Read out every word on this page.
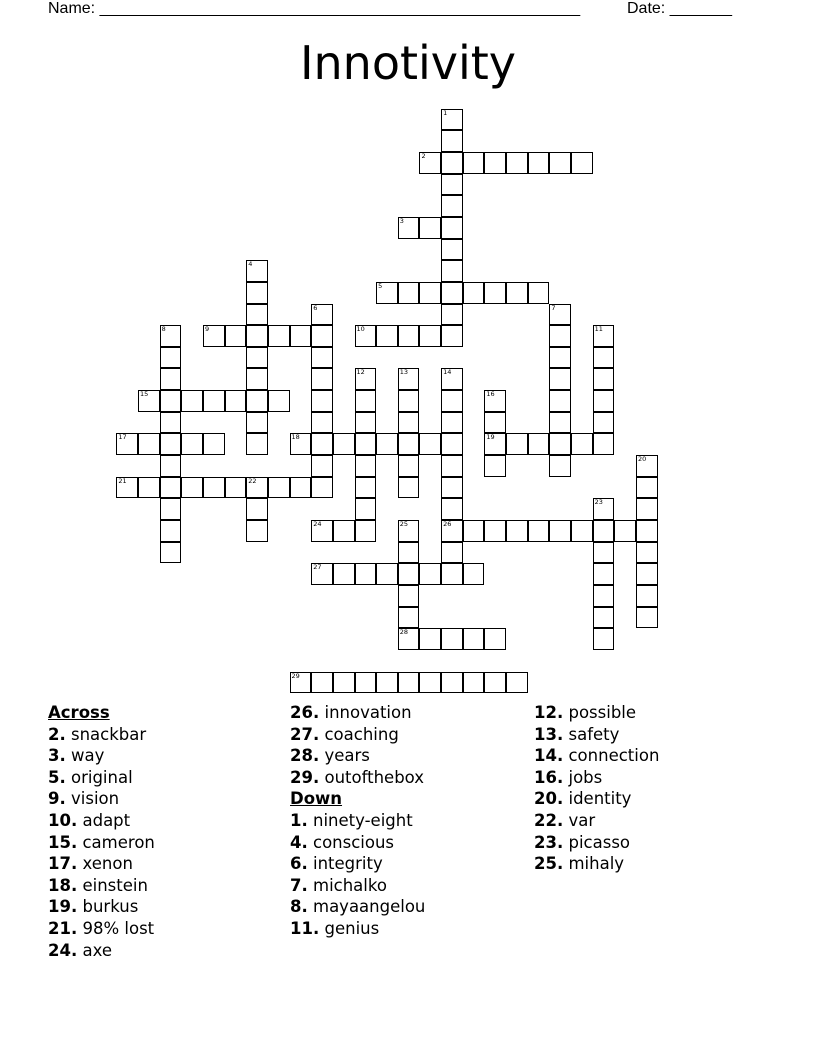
Name: ______________________________________________________	Date: _______
Innotivity
1
2
3
4
5
6	7
8	9	10	11
12	13	14
26
15	16
19
17	18
20
21	22
23
24	25
28
27
29
Across
2. snackbar
3. way
5. original
9. vision
10. adapt
15. cameron
17. xenon
18. einstein
19. burkus
21. 98% lost
24. axe
26. innovation
27. coaching
28. years
29. outofthebox
Down
1. ninety-eight
4. conscious
6. integrity
7. michalko
8. mayaangelou
11. genius
12. possible
13. safety
14. connection
16. jobs
20. identity
22. var
23. picasso
25. mihaly
